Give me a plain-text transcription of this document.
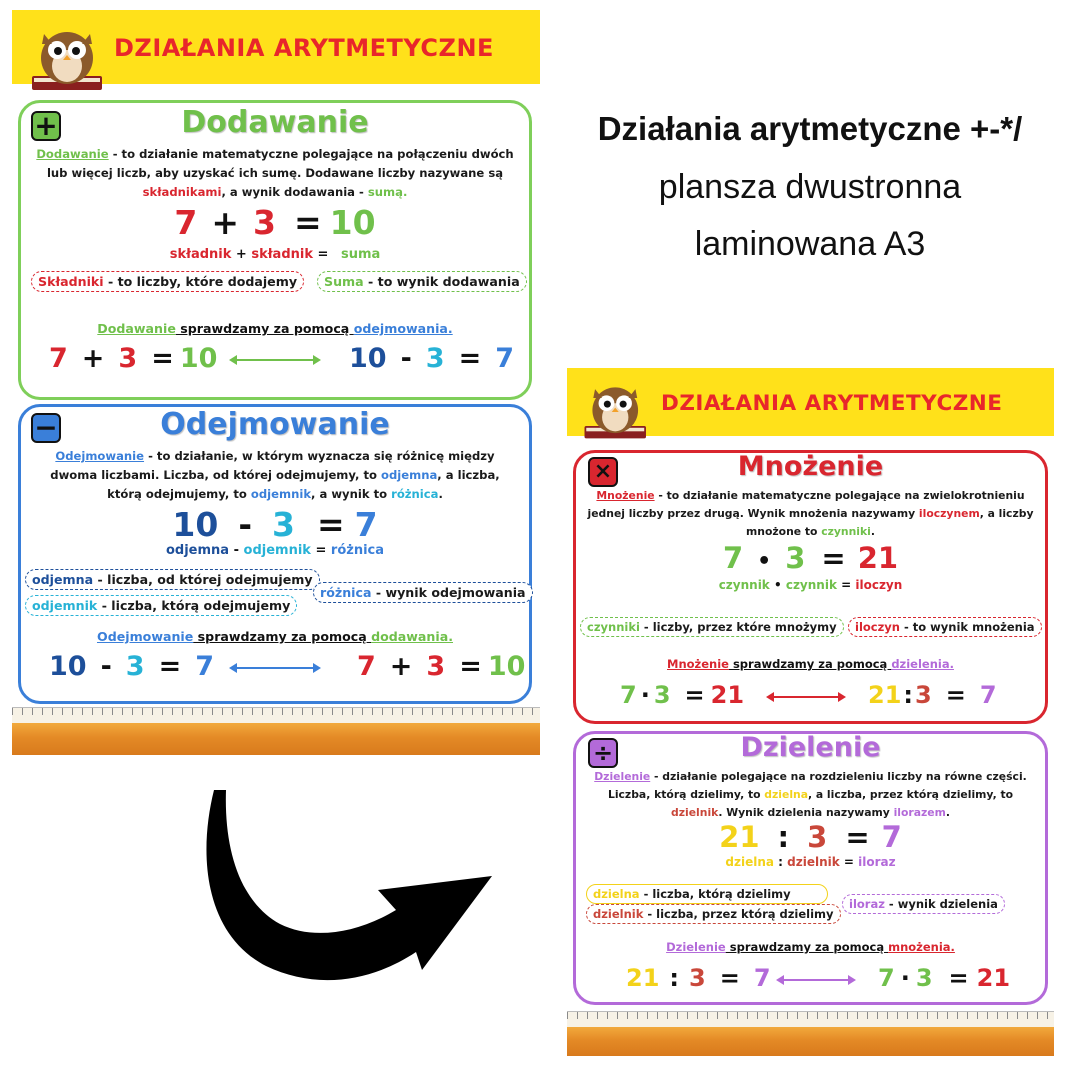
Działania arytmetyczne +-*/
plansza dwustronna
laminowana A3
DZIAŁANIA ARYTMETYCZNE
+	Dodawanie
Dodawanie - to działanie matematyczne polegające na połączeniu dwóch lub więcej liczb, aby uzyskać ich sumę. Dodawane liczby nazywane są składnikami, a wynik dodawania - sumą.
7 + 3 = 10
składnik + składnik = suma
Składniki - to liczby, które dodajemy	Suma - to wynik dodawania
Dodawanie sprawdzamy za pomocą odejmowania.
7 + 3 = 10	10 - 3 = 7
−	Odejmowanie
Odejmowanie - to działanie, w którym wyznacza się różnicę między dwoma liczbami. Liczba, od której odejmujemy, to odjemna, a liczba, którą odejmujemy, to odjemnik, a wynik to różnica.
10 - 3 = 7
odjemna - odjemnik = różnica
odjemna - liczba, od której odejmujemy
odjemnik - liczba, którą odejmujemy
różnica - wynik odejmowania
Odejmowanie sprawdzamy za pomocą dodawania.
10 - 3 = 7	7 + 3 = 10
DZIAŁANIA ARYTMETYCZNE
×	Mnożenie
Mnożenie - to działanie matematyczne polegające na zwielokrotnieniu jednej liczby przez drugą. Wynik mnożenia nazywamy iloczynem, a liczby mnożone to czynniki.
7 • 3 = 21
czynnik • czynnik = iloczyn
czynniki - liczby, przez które mnożymy	iloczyn - to wynik mnożenia
Mnożenie sprawdzamy za pomocą dzielenia.
7 · 3 = 21	21 : 3 = 7
÷	Dzielenie
Dzielenie - działanie polegające na rozdzieleniu liczby na równe części. Liczba, którą dzielimy, to dzielna, a liczba, przez którą dzielimy, to dzielnik. Wynik dzielenia nazywamy ilorazem.
21 : 3 = 7
dzielna : dzielnik = iloraz
dzielna - liczba, którą dzielimy
dzielnik - liczba, przez którą dzielimy
iloraz - wynik dzielenia
Dzielenie sprawdzamy za pomocą mnożenia.
21 : 3 = 7	7 · 3 = 21
